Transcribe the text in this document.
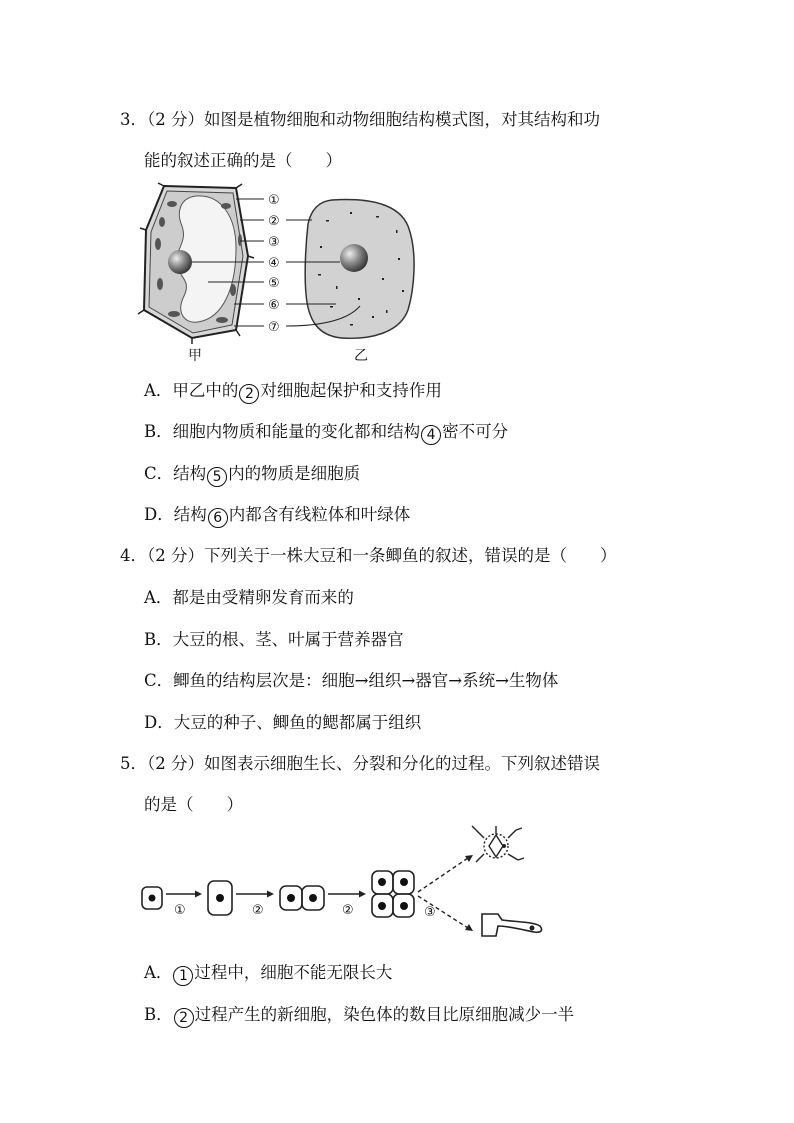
3．（2 分）如图是植物细胞和动物细胞结构模式图，对其结构和功
能的叙述正确的是（　　）
①
②
③
④
⑤
⑥
⑦
甲	乙
A．甲乙中的 2 对细胞起保护和支持作用
B．细胞内物质和能量的变化都和结构 4 密不可分
C．结构 5 内的物质是细胞质
D．结构 6 内都含有线粒体和叶绿体
4．（2 分）下列关于一株大豆和一条鲫鱼的叙述，错误的是（　　）
A．都是由受精卵发育而来的
B．大豆的根、茎、叶属于营养器官
C．鲫鱼的结构层次是：细胞→组织→器官→系统→生物体
D．大豆的种子、鲫鱼的鳃都属于组织
5．（2 分）如图表示细胞生长、分裂和分化的过程。下列叙述错误
的是（　　）
①	②	②	③
A． 1 过程中，细胞不能无限长大
B． 2 过程产生的新细胞，染色体的数目比原细胞减少一半
